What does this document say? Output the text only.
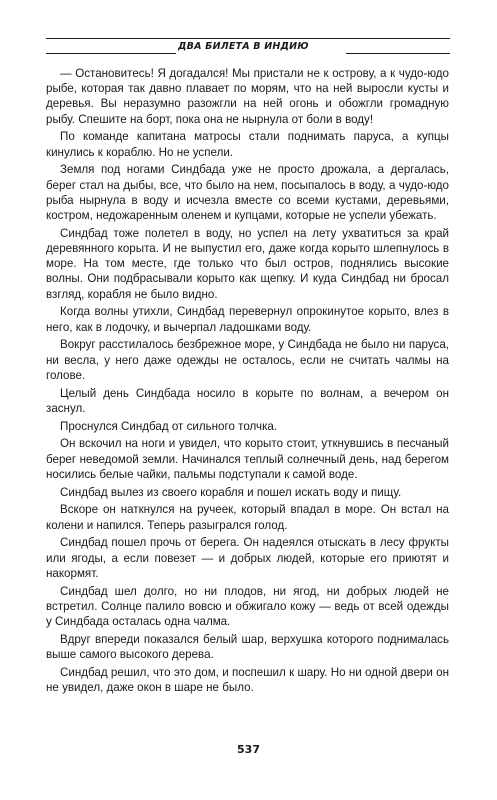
ДВА БИЛЕТА В ИНДИЮ

— Остановитесь! Я догадался! Мы пристали не к острову, а к чудо-юдо рыбе, которая так давно плавает по морям, что на ней выросли кусты и деревья. Вы неразумно разожгли на ней огонь и обожгли громадную рыбу. Спешите на борт, пока она не нырнула от боли в воду!

По команде капитана матросы стали поднимать паруса, а купцы кинулись к кораблю. Но не успели.

Земля под ногами Синдбада уже не просто дрожала, а дергалась, берег стал на дыбы, все, что было на нем, посыпалось в воду, а чудо-юдо рыба нырнула в воду и исчезла вместе со всеми кустами, деревьями, костром, недожаренным оленем и купцами, которые не успели убежать.

Синдбад тоже полетел в воду, но успел на лету ухватиться за край деревянного корыта. И не выпустил его, даже когда корыто шлепнулось в море. На том месте, где только что был остров, поднялись высокие волны. Они подбрасывали корыто как щепку. И куда Синдбад ни бросал взгляд, корабля не было видно.

Когда волны утихли, Синдбад перевернул опрокинутое корыто, влез в него, как в лодочку, и вычерпал ладошками воду.

Вокруг расстилалось безбрежное море, у Синдбада не было ни паруса, ни весла, у него даже одежды не осталось, если не считать чалмы на голове.

Целый день Синдбада носило в корыте по волнам, а вечером он заснул.

Проснулся Синдбад от сильного толчка.

Он вскочил на ноги и увидел, что корыто стоит, уткнувшись в песчаный берег неведомой земли. Начинался теплый солнечный день, над берегом носились белые чайки, пальмы подступали к самой воде.

Синдбад вылез из своего корабля и пошел искать воду и пищу.

Вскоре он наткнулся на ручеек, который впадал в море. Он встал на колени и напился. Теперь разыгрался голод.

Синдбад пошел прочь от берега. Он надеялся отыскать в лесу фрукты или ягоды, а если повезет — и добрых людей, которые его приютят и накормят.

Синдбад шел долго, но ни плодов, ни ягод, ни добрых людей не встретил. Солнце палило вовсю и обжигало кожу — ведь от всей одежды у Синдбада осталась одна чалма.

Вдруг впереди показался белый шар, верхушка которого поднималась выше самого высокого дерева.

Синдбад решил, что это дом, и поспешил к шару. Но ни одной двери он не увидел, даже окон в шаре не было.

537
